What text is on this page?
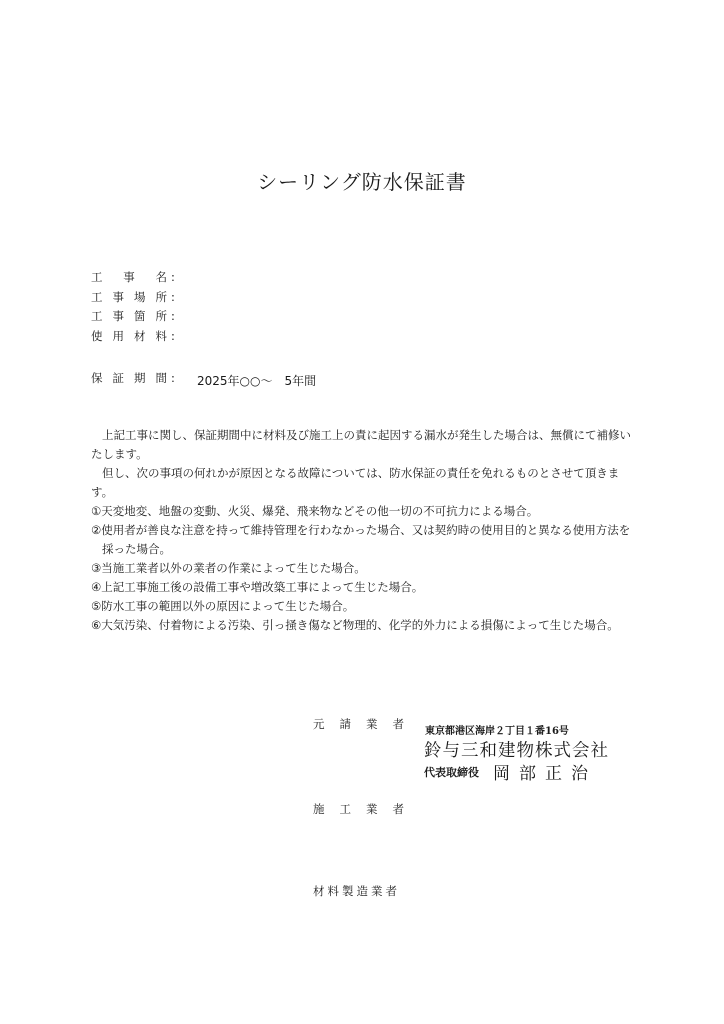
シーリング防水保証書
工事名 :
工事場所 :
工事箇所 :
使用材料 :
保証期間 : 2025年○○～　5年間

上記工事に関し、保証期間中に材料及び施工上の責に起因する漏水が発生した場合は、無償にて補修いたします。

但し、次の事項の何れかが原因となる故障については、防水保証の責任を免れるものとさせて頂きます。

①天変地変、地盤の変動、火災、爆発、飛来物などその他一切の不可抗力による場合。

②使用者が善良な注意を持って維持管理を行わなかった場合、又は契約時の使用目的と異なる使用方法を採った場合。

③当施工業者以外の業者の作業によって生じた場合。

④上記工事施工後の設備工事や増改築工事によって生じた場合。

⑤防水工事の範囲以外の原因によって生じた場合。

⑥大気汚染、付着物による汚染、引っ掻き傷など物理的、化学的外力による損傷によって生じた場合。

元請業者
東京都港区海岸２丁目１番16号
鈴与三和建物株式会社
代表取締役 岡部正治
施工業者
材料製造業者
